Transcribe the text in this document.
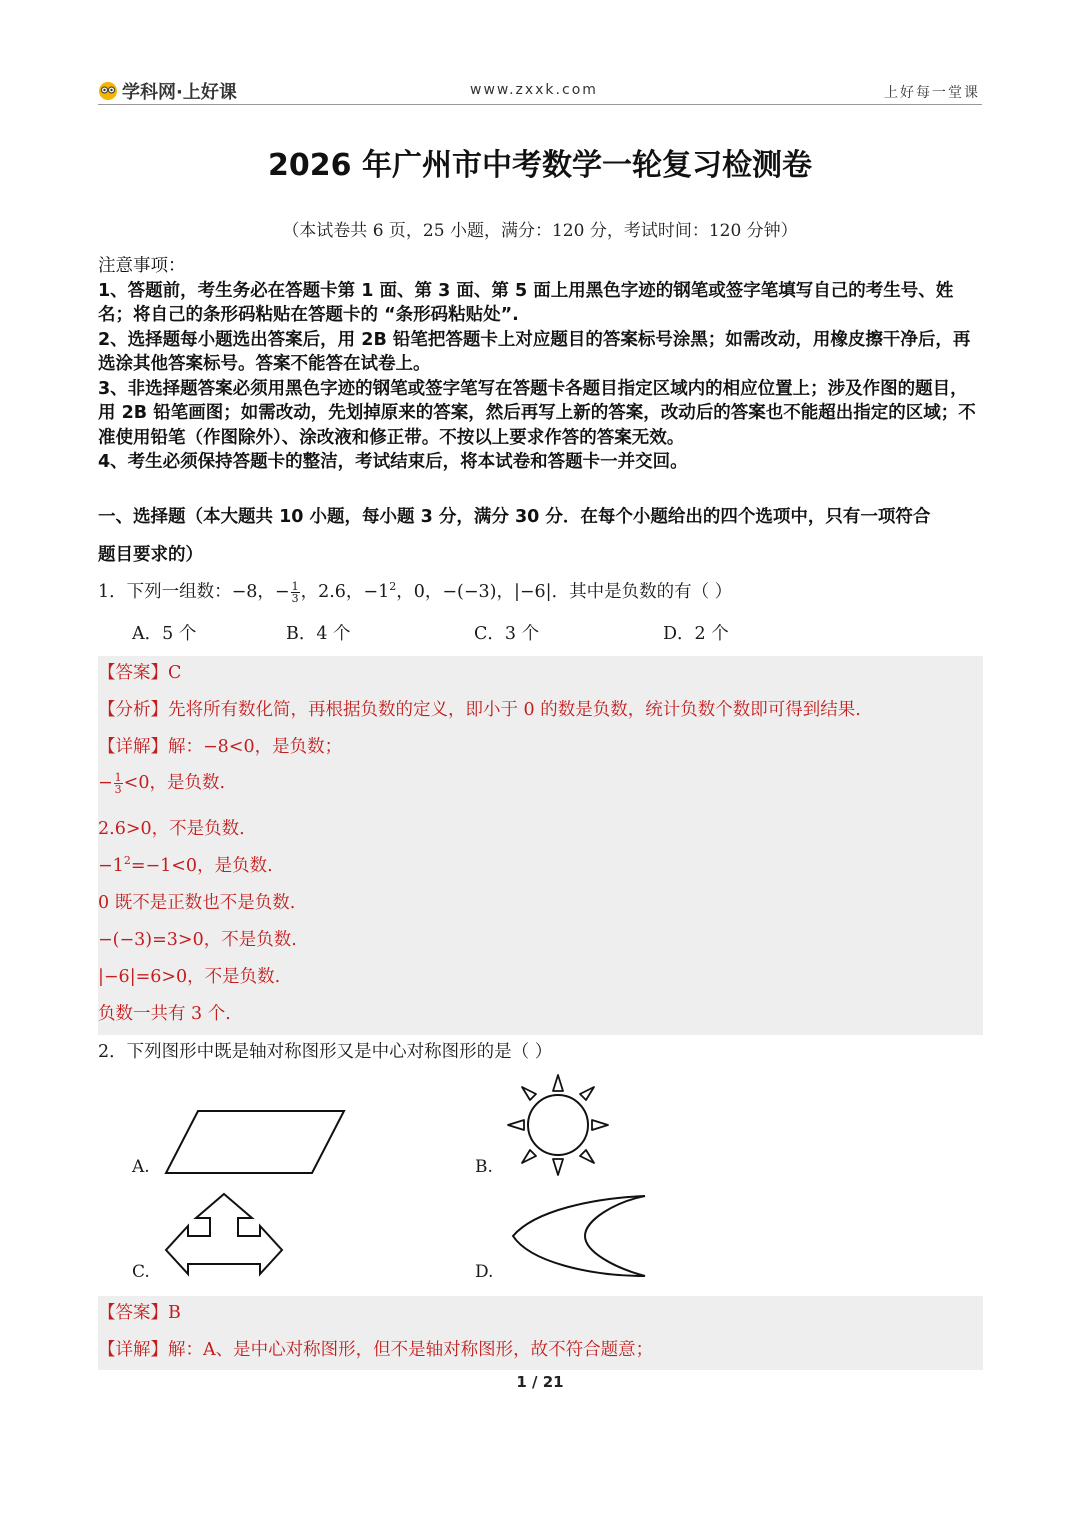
学科网·上好课	www.zxxk.com	上好每一堂课
2026 年广州市中考数学一轮复习检测卷
（本试卷共 6 页，25 小题，满分：120 分，考试时间：120 分钟）
注意事项：

1、答题前，考生务必在答题卡第 1 面、第 3 面、第 5 面上用黑色字迹的钢笔或签字笔填写自己的考生号、姓名；将自己的条形码粘贴在答题卡的 “条形码粘贴处”.

2、选择题每小题选出答案后，用 2B 铅笔把答题卡上对应题目的答案标号涂黑；如需改动，用橡皮擦干净后，再选涂其他答案标号。答案不能答在试卷上。

3、非选择题答案必须用黑色字迹的钢笔或签字笔写在答题卡各题目指定区域内的相应位置上；涉及作图的题目，用 2B 铅笔画图；如需改动，先划掉原来的答案，然后再写上新的答案，改动后的答案也不能超出指定的区域；不准使用铅笔（作图除外）、涂改液和修正带。不按以上要求作答的答案无效。

4、考生必须保持答题卡的整洁，考试结束后，将本试卷和答题卡一并交回。

一、选择题（本大题共 10 小题，每小题 3 分，满分 30 分．在每个小题给出的四个选项中，只有一项符合
题目要求的）
1．下列一组数：−8，− $\frac{1}{3}$ ，2.6，$-1^2$，0，−(−3)，|−6|．其中是负数的有（ ）
A．5 个	B．4 个	C．3 个	D．2 个
【答案】C
【分析】先将所有数化简，再根据负数的定义，即小于 0 的数是负数，统计负数个数即可得到结果.
【详解】解：−8<0，是负数；
− $\frac{1}{3} <0$，是负数.
2.6>0，不是负数.
$-1^2=-1<0$，是负数.
0 既不是正数也不是负数.
−(−3)=3>0，不是负数.
|−6|=6>0，不是负数.
负数一共有 3 个.
2．下列图形中既是轴对称图形又是中心对称图形的是（ ）
A.	B.
C.	D.
【答案】B
【详解】解：A、是中心对称图形，但不是轴对称图形，故不符合题意；
1 / 21
